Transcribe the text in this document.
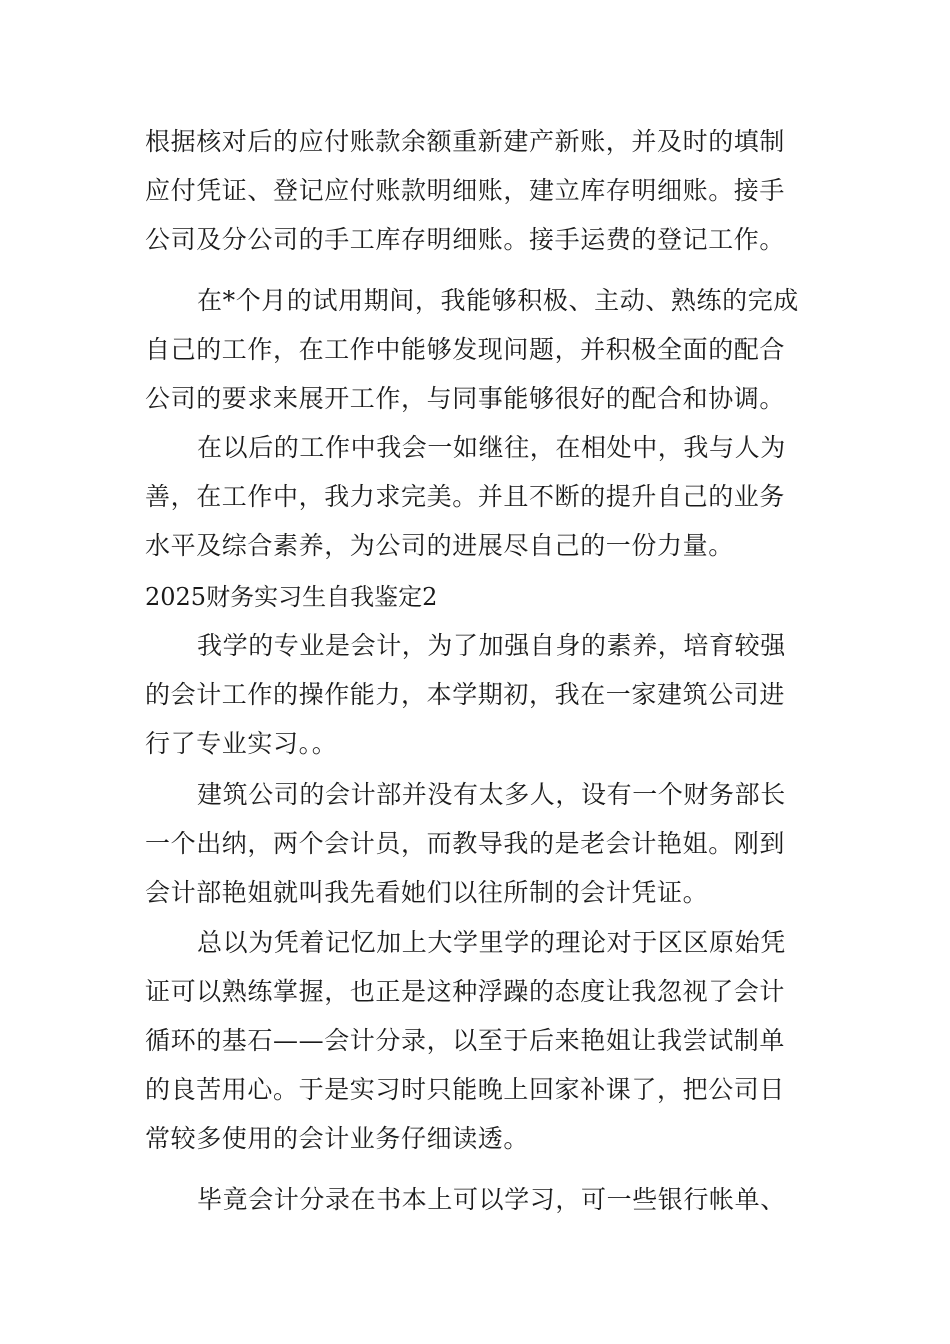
根据核对后的应付账款余额重新建产新账，并及时的填制
应付凭证、登记应付账款明细账，建立库存明细账。接手
公司及分公司的手工库存明细账。接手运费的登记工作。
在*个月的试用期间，我能够积极、主动、熟练的完成
自己的工作，在工作中能够发现问题，并积极全面的配合
公司的要求来展开工作，与同事能够很好的配合和协调。
在以后的工作中我会一如继往，在相处中，我与人为
善，在工作中，我力求完美。并且不断的提升自己的业务
水平及综合素养，为公司的进展尽自己的一份力量。
2025财务实习生自我鉴定2
我学的专业是会计，为了加强自身的素养，培育较强
的会计工作的操作能力，本学期初，我在一家建筑公司进
行了专业实习。。
建筑公司的会计部并没有太多人，设有一个财务部长
一个出纳，两个会计员，而教导我的是老会计艳姐。刚到
会计部艳姐就叫我先看她们以往所制的会计凭证。
总以为凭着记忆加上大学里学的理论对于区区原始凭
证可以熟练掌握，也正是这种浮躁的态度让我忽视了会计
循环的基石——会计分录，以至于后来艳姐让我尝试制单
的良苦用心。于是实习时只能晚上回家补课了，把公司日
常较多使用的会计业务仔细读透。
毕竟会计分录在书本上可以学习，可一些银行帐单、
